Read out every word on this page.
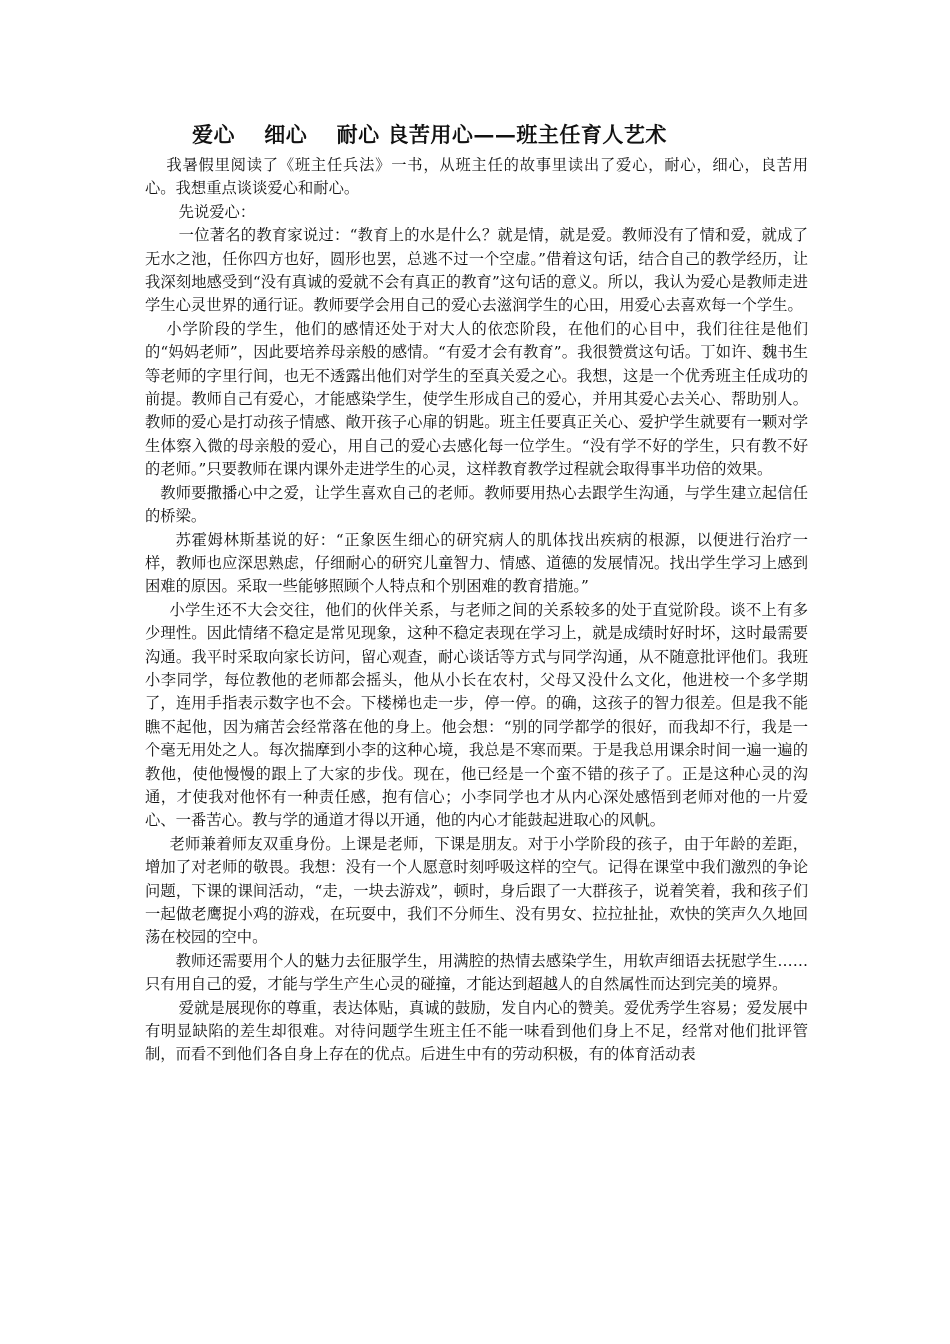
爱心　 细心　 耐心 良苦用心——班主任育人艺术

我暑假里阅读了《班主任兵法》一书，从班主任的故事里读出了爱心，耐心，细心，良苦用心。我想重点谈谈爱心和耐心。

先说爱心：

一位著名的教育家说过：“教育上的水是什么？就是情，就是爱。教师没有了情和爱，就成了无水之池，任你四方也好，圆形也罢，总逃不过一个空虚。”借着这句话，结合自己的教学经历，让我深刻地感受到“没有真诚的爱就不会有真正的教育”这句话的意义。所以，我认为爱心是教师走进学生心灵世界的通行证。教师要学会用自己的爱心去滋润学生的心田，用爱心去喜欢每一个学生。

小学阶段的学生，他们的感情还处于对大人的依恋阶段，在他们的心目中，我们往往是他们的“妈妈老师”，因此要培养母亲般的感情。“有爱才会有教育”。我很赞赏这句话。丁如许、魏书生等老师的字里行间，也无不透露出他们对学生的至真关爱之心。我想，这是一个优秀班主任成功的前提。教师自己有爱心，才能感染学生，使学生形成自己的爱心，并用其爱心去关心、帮助别人。教师的爱心是打动孩子情感、敞开孩子心扉的钥匙。班主任要真正关心、爱护学生就要有一颗对学生体察入微的母亲般的爱心，用自己的爱心去感化每一位学生。“没有学不好的学生，只有教不好的老师。”只要教师在课内课外走进学生的心灵，这样教育教学过程就会取得事半功倍的效果。

教师要撒播心中之爱，让学生喜欢自己的老师。教师要用热心去跟学生沟通，与学生建立起信任的桥梁。

苏霍姆林斯基说的好：“正象医生细心的研究病人的肌体找出疾病的根源，以便进行治疗一样，教师也应深思熟虑，仔细耐心的研究儿童智力、情感、道德的发展情况。找出学生学习上感到困难的原因。采取一些能够照顾个人特点和个别困难的教育措施。”

小学生还不大会交往，他们的伙伴关系，与老师之间的关系较多的处于直觉阶段。谈不上有多少理性。因此情绪不稳定是常见现象，这种不稳定表现在学习上，就是成绩时好时坏，这时最需要沟通。我平时采取向家长访问，留心观查，耐心谈话等方式与同学沟通，从不随意批评他们。我班小李同学，每位教他的老师都会摇头，他从小长在农村，父母又没什么文化，他进校一个多学期了，连用手指表示数字也不会。下楼梯也走一步，停一停。的确，这孩子的智力很差。但是我不能瞧不起他，因为痛苦会经常落在他的身上。他会想：“别的同学都学的很好，而我却不行，我是一个毫无用处之人。每次揣摩到小李的这种心境，我总是不寒而栗。于是我总用课余时间一遍一遍的教他，使他慢慢的跟上了大家的步伐。现在，他已经是一个蛮不错的孩子了。正是这种心灵的沟通，才使我对他怀有一种责任感，抱有信心；小李同学也才从内心深处感悟到老师对他的一片爱心、一番苦心。教与学的通道才得以开通，他的内心才能鼓起进取心的风帆。

老师兼着师友双重身份。上课是老师，下课是朋友。对于小学阶段的孩子，由于年龄的差距，增加了对老师的敬畏。我想：没有一个人愿意时刻呼吸这样的空气。记得在课堂中我们激烈的争论问题，下课的课间活动，“走，一块去游戏”，顿时，身后跟了一大群孩子，说着笑着，我和孩子们一起做老鹰捉小鸡的游戏，在玩耍中，我们不分师生、没有男女、拉拉扯扯，欢快的笑声久久地回荡在校园的空中。

教师还需要用个人的魅力去征服学生，用满腔的热情去感染学生，用软声细语去抚慰学生……只有用自己的爱，才能与学生产生心灵的碰撞，才能达到超越人的自然属性而达到完美的境界。

爱就是展现你的尊重，表达体贴，真诚的鼓励，发自内心的赞美。爱优秀学生容易；爱发展中有明显缺陷的差生却很难。对待问题学生班主任不能一味看到他们身上不足，经常对他们批评管制，而看不到他们各自身上存在的优点。后进生中有的劳动积极，有的体育活动表
